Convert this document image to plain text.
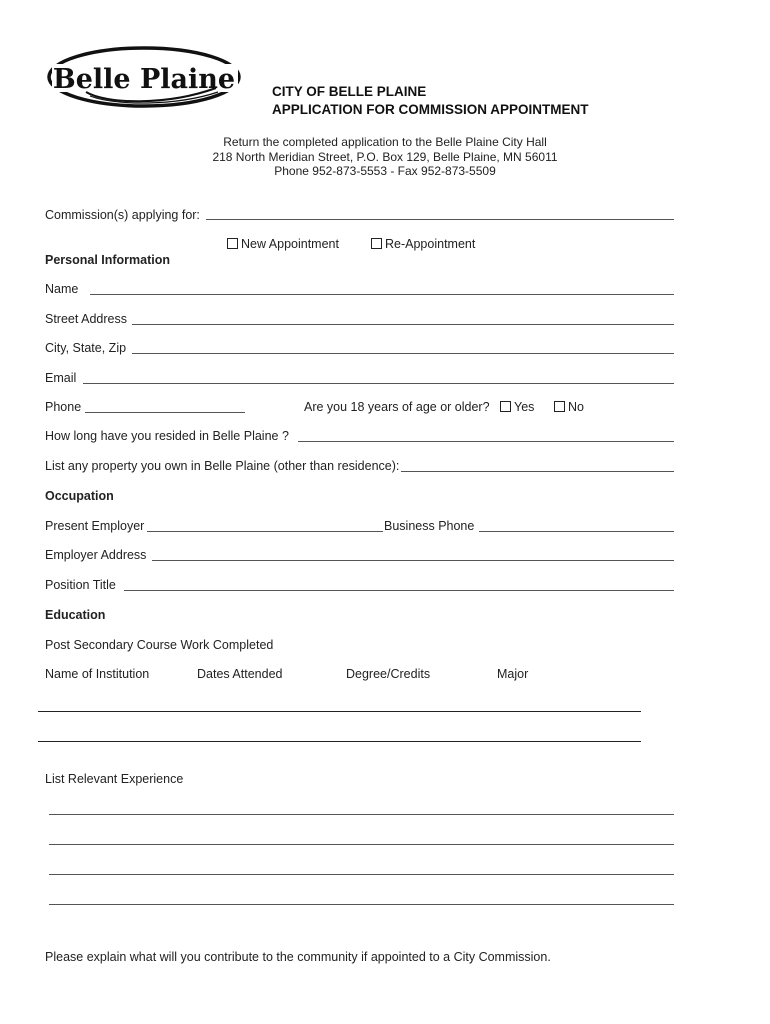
Belle Plaine	CITY OF BELLE PLAINE
APPLICATION FOR COMMISSION APPOINTMENT
Return the completed application to the Belle Plaine City Hall
218 North Meridian Street, P.O. Box 129, Belle Plaine, MN 56011
Phone 952-873-5553 - Fax 952-873-5509
Commission(s) applying for:
New Appointment	Re-Appointment
Personal Information
Name
Street Address
City, State, Zip
Email
Phone	Are you 18 years of age or older?	Yes	No
How long have you resided in Belle Plaine ?
List any property you own in Belle Plaine (other than residence):
Occupation
Present Employer	Business Phone
Employer Address
Position Title
Education
Post Secondary Course Work Completed
Name of Institution	Dates Attended	Degree/Credits	Major
List Relevant Experience
Please explain what will you contribute to the community if appointed to a City Commission.
